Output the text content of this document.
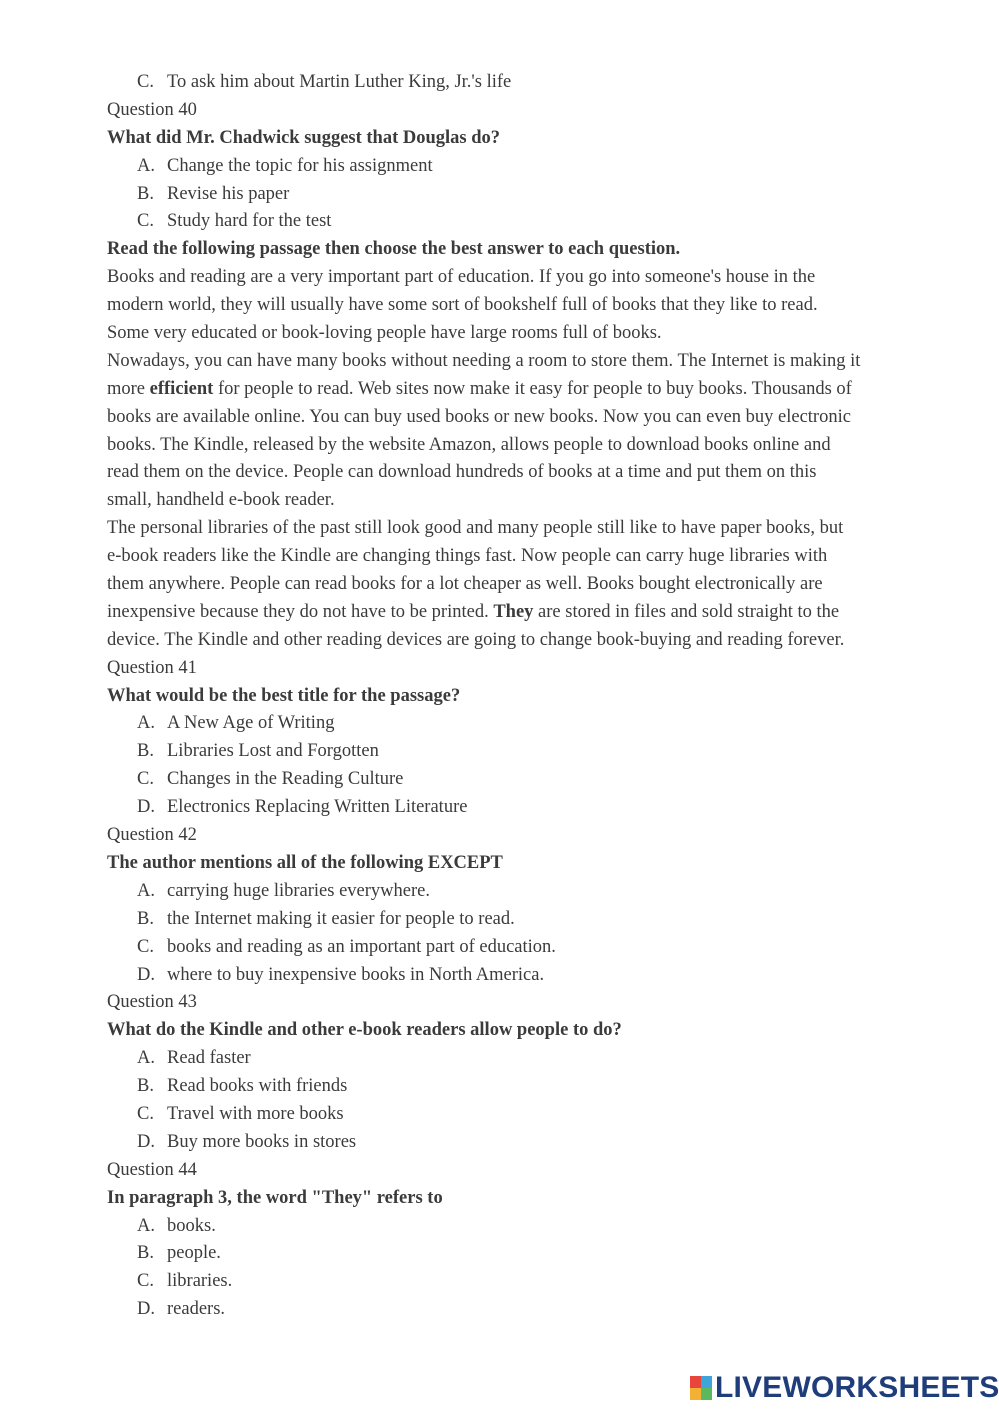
C. To ask him about Martin Luther King, Jr.'s life
Question 40
What did Mr. Chadwick suggest that Douglas do?
A. Change the topic for his assignment
B. Revise his paper
C. Study hard for the test
Read the following passage then choose the best answer to each question.
Books and reading are a very important part of education. If you go into someone's house in the
modern world, they will usually have some sort of bookshelf full of books that they like to read.
Some very educated or book-loving people have large rooms full of books.
Nowadays, you can have many books without needing a room to store them. The Internet is making it
more efficient for people to read. Web sites now make it easy for people to buy books. Thousands of
books are available online. You can buy used books or new books. Now you can even buy electronic
books. The Kindle, released by the website Amazon, allows people to download books online and
read them on the device. People can download hundreds of books at a time and put them on this
small, handheld e-book reader.
The personal libraries of the past still look good and many people still like to have paper books, but
e-book readers like the Kindle are changing things fast. Now people can carry huge libraries with
them anywhere. People can read books for a lot cheaper as well. Books bought electronically are
inexpensive because they do not have to be printed. They are stored in files and sold straight to the
device. The Kindle and other reading devices are going to change book-buying and reading forever.
Question 41
What would be the best title for the passage?
A. A New Age of Writing
B. Libraries Lost and Forgotten
C. Changes in the Reading Culture
D. Electronics Replacing Written Literature
Question 42
The author mentions all of the following EXCEPT
A. carrying huge libraries everywhere.
B. the Internet making it easier for people to read.
C. books and reading as an important part of education.
D. where to buy inexpensive books in North America.
Question 43
What do the Kindle and other e-book readers allow people to do?
A. Read faster
B. Read books with friends
C. Travel with more books
D. Buy more books in stores
Question 44
In paragraph 3, the word "They" refers to
A. books.
B. people.
C. libraries.
D. readers.
LIVEWORKSHEETS
